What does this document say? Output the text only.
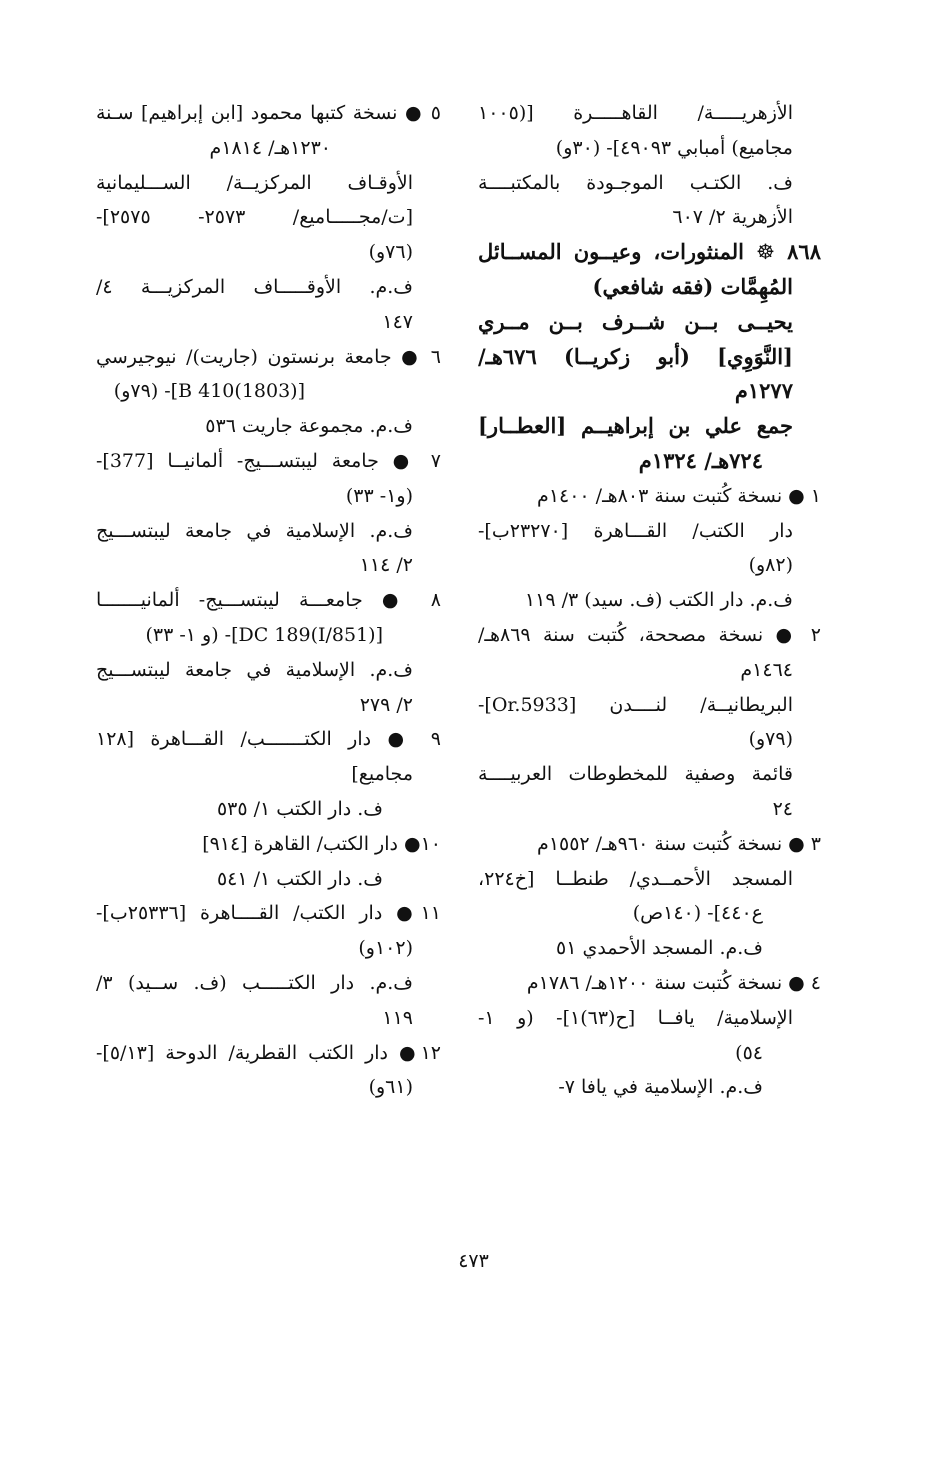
الأزهريـــــة/ القاهـــــرة [(١٠٠٥
مجاميع) أمبابي ٤٩٠٩٣]- (٣٠و)
ف. الكتـب الموجـودة بالمكتبــــة
الأزهرية ٢/ ٦٠٧
٨٦٨ ☸ المنثورات، وعيــون المســائل
المُهِمَّات (فقه شافعي)
يحيــى بــن شــرف بــن مــري
[النَّوَوِي] (أبو زكريــا) ٦٧٦هـ/
١٢٧٧م
جمع علي بن إبراهيــم [العطــار]
٧٢٤هـ/ ١٣٢٤م
١ ● نسخة كُتبت سنة ٨٠٣هـ/ ١٤٠٠م
دار الكتب/ القـــاهرة [٢٣٢٧٠ب]-
(٨٢و)
ف.م. دار الكتب (ف. سيد) ٣/ ١١٩
٢ ● نسخة مصححة، كُتبت سنة ٨٦٩هـ/
١٤٦٤م
البريطانيــة/ لنــــدن [Or.5933]-
(٧٩و)
قائمة وصفية للمخطوطات العربيــــة
٢٤
٣ ● نسخة كُتبت سنة ٩٦٠هـ/ ١٥٥٢م
المسجد الأحمــدي/ طنطــا [خ٢٢٤،
ع٤٤٠]- (١٤٠ص)
ف.م. المسجد الأحمدي ٥١
٤ ● نسخة كُتبت سنة ١٢٠٠هـ/ ١٧٨٦م
الإسلامية/ يافــا [ح(٦٣)١]- (و ١-
٥٤)
ف.م. الإسلامية في يافا ٧-
٥ ● نسخة كتبها محمود [ابن إبراهيم] سـنة
١٢٣٠هـ/ ١٨١٤م
الأوقـاف المركزيــة/ الســـليمانية
[ت/مجـــــاميع/ ٢٥٧٣- ٢٥٧٥]-
(٧٦و)
ف.م. الأوقـــــاف المركزيـــة ٤/
١٤٧
٦ ● جامعة برنستون (جاريت)/ نيوجيرسي
[(1803)410 B]- (٧٩و)
ف.م. مجموعة جاريت ٥٣٦
٧ ● جامعة ليبتســـيج- ألمانيــا [377]-
(و١- ٣٣)
ف.م. الإسلامية في جامعة ليبتســـيج
٢/ ١١٤
٨ ● جامعـــة ليبتســـيج- ألمانيـــــــا
[(851/I)DC 189]- (و ١- ٣٣)
ف.م. الإسلامية في جامعة ليبتســـيج
٢/ ٢٧٩
٩ ● دار الكتـــــــب/ القـــاهرة [١٢٨
مجاميع]
ف. دار الكتب ١/ ٥٣٥
١٠● دار الكتب/ القاهرة [٩١٤]
ف. دار الكتب ١/ ٥٤١
١١● دار الكتب/ القــــاهرة [٢٥٣٣٦ب]-
(١٠٢و)
ف.م. دار الكتـــــب (ف. ســيد) ٣/
١١٩
١٢● دار الكتب القطرية/ الدوحة [٥/١٣]-
(٦١و)
٤٧٣
